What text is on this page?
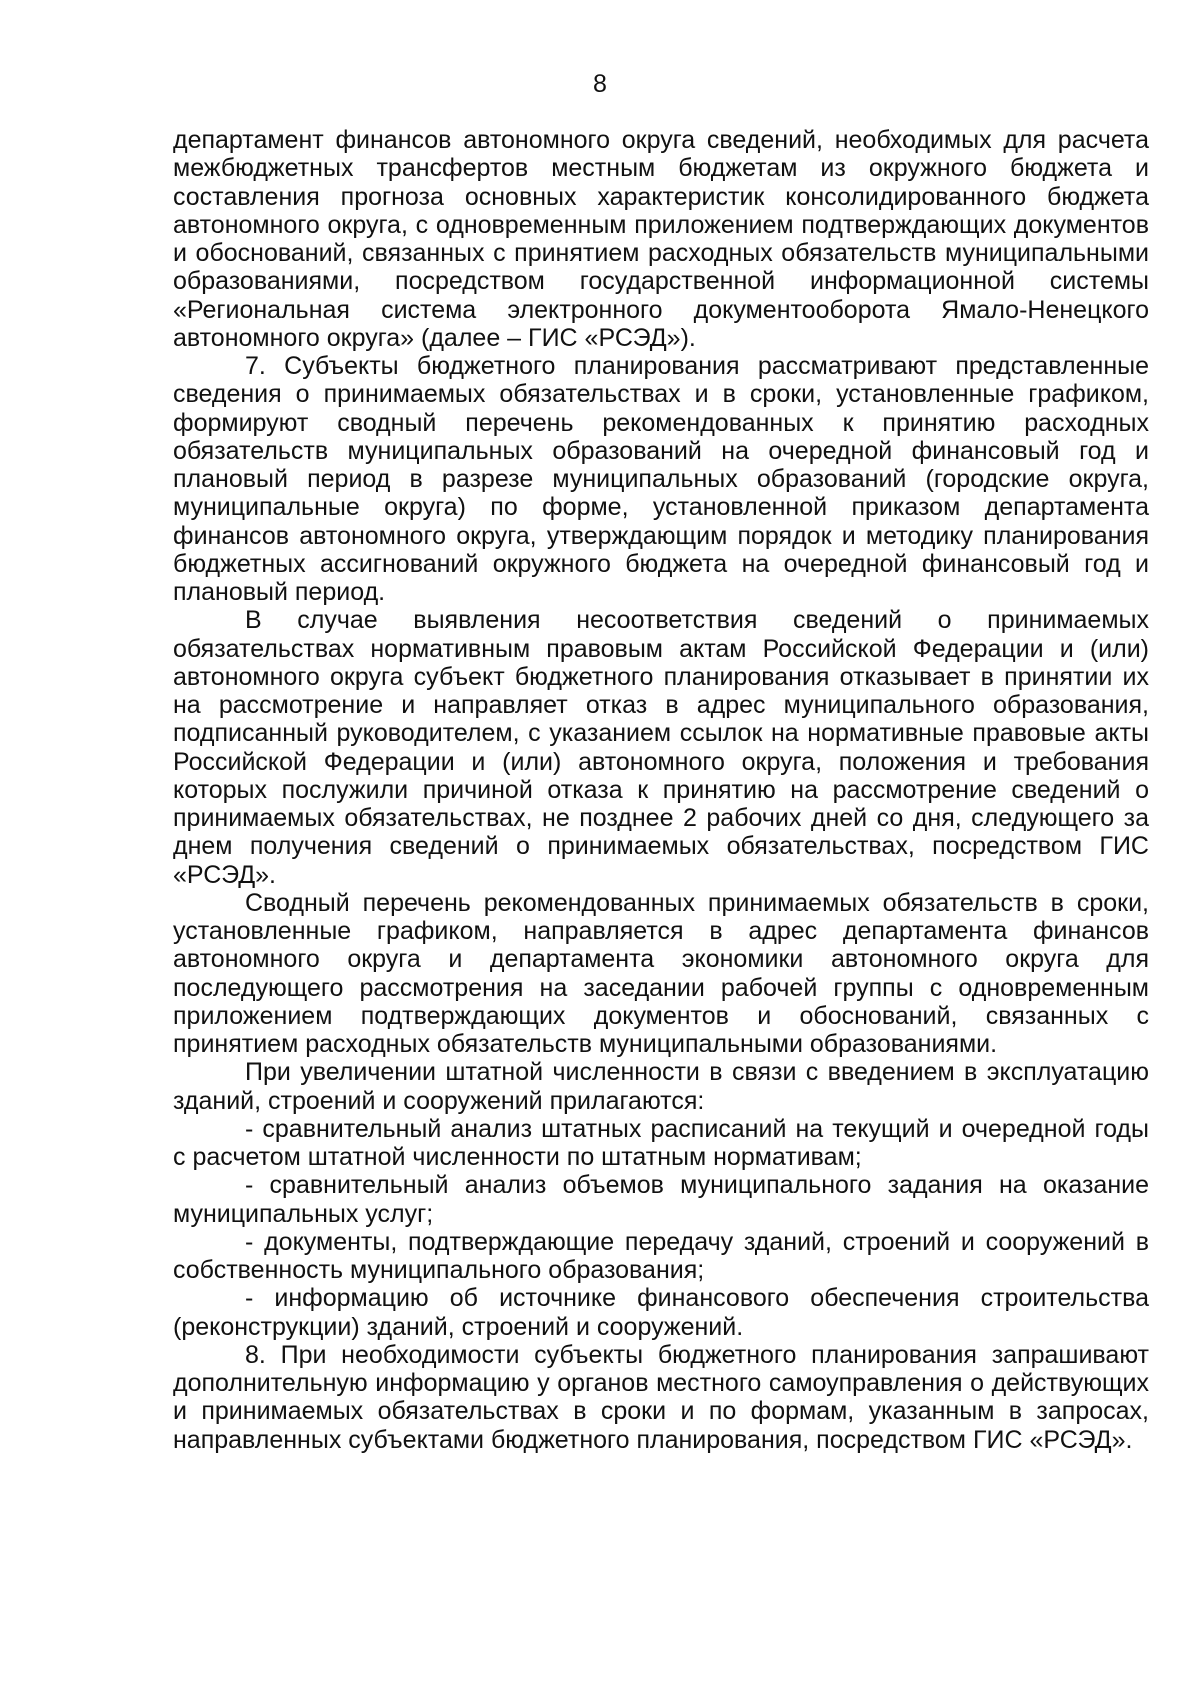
8

департамент финансов автономного округа сведений, необходимых для расчета межбюджетных трансфертов местным бюджетам из окружного бюджета и составления прогноза основных характеристик консолидированного бюджета автономного округа, с одновременным приложением подтверждающих документов и обоснований, связанных с принятием расходных обязательств муниципальными образованиями, посредством государственной информационной системы «Региональная система электронного документооборота Ямало-Ненецкого автономного округа» (далее – ГИС «РСЭД»).

7. Субъекты бюджетного планирования рассматривают представленные сведения о принимаемых обязательствах и в сроки, установленные графиком, формируют сводный перечень рекомендованных к принятию расходных обязательств муниципальных образований на очередной финансовый год и плановый период в разрезе муниципальных образований (городские округа, муниципальные округа) по форме, установленной приказом департамента финансов автономного округа, утверждающим порядок и методику планирования бюджетных ассигнований окружного бюджета на очередной финансовый год и плановый период.

В случае выявления несоответствия сведений о принимаемых обязательствах нормативным правовым актам Российской Федерации и (или) автономного округа субъект бюджетного планирования отказывает в принятии их на рассмотрение и направляет отказ в адрес муниципального образования, подписанный руководителем, с указанием ссылок на нормативные правовые акты Российской Федерации и (или) автономного округа, положения и требования которых послужили причиной отказа к принятию на рассмотрение сведений о принимаемых обязательствах, не позднее 2 рабочих дней со дня, следующего за днем получения сведений о принимаемых обязательствах, посредством ГИС «РСЭД».

Сводный перечень рекомендованных принимаемых обязательств в сроки, установленные графиком, направляется в адрес департамента финансов автономного округа и департамента экономики автономного округа для последующего рассмотрения на заседании рабочей группы с одновременным приложением подтверждающих документов и обоснований, связанных с принятием расходных обязательств муниципальными образованиями.

При увеличении штатной численности в связи с введением в эксплуатацию зданий, строений и сооружений прилагаются:

- сравнительный анализ штатных расписаний на текущий и очередной годы с расчетом штатной численности по штатным нормативам;

- сравнительный анализ объемов муниципального задания на оказание муниципальных услуг;

- документы, подтверждающие передачу зданий, строений и сооружений в собственность муниципального образования;

- информацию об источнике финансового обеспечения строительства (реконструкции) зданий, строений и сооружений.

8. При необходимости субъекты бюджетного планирования запрашивают дополнительную информацию у органов местного самоуправления о действующих и принимаемых обязательствах в сроки и по формам, указанным в запросах, направленных субъектами бюджетного планирования, посредством ГИС «РСЭД».
